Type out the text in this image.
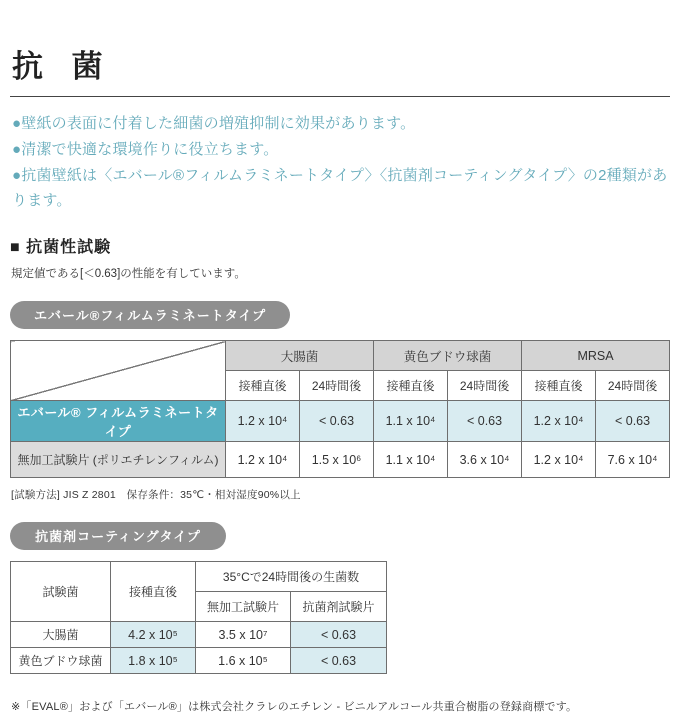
抗 菌
●壁紙の表面に付着した細菌の増殖抑制に効果があります。
●清潔で快適な環境作りに役立ちます。
●抗菌壁紙は〈エバール®フィルムラミネートタイプ〉〈抗菌剤コーティングタイプ〉の2種類があります。
■ 抗菌性試験

規定値である[＜0.63]の性能を有しています。

エバール®フィルムラミネートタイプ
	大腸菌		黄色ブドウ球菌		MRSA	
	接種直後	24時間後	接種直後	24時間後	接種直後	24時間後
エバール® フィルムラミネートタイプ	1.2 x 10⁴	< 0.63	1.1 x 10⁴	< 0.63	1.2 x 10⁴	< 0.63
無加工試験片 (ポリエチレンフィルム)	1.2 x 10⁴	1.5 x 10⁶	1.1 x 10⁴	3.6 x 10⁴	1.2 x 10⁴	7.6 x 10⁴

[試験方法] JIS Z 2801　保存条件：35℃・相対湿度90%以上

抗菌剤コーティングタイプ
試験菌	接種直後	35°Cで24時間後の生菌数	
		無加工試験片	抗菌剤試験片
大腸菌	4.2 x 10⁵	3.5 x 10⁷	< 0.63
黄色ブドウ球菌	1.8 x 10⁵	1.6 x 10⁵	< 0.63

※「EVAL®」および「エバール®」は株式会社クラレのエチレン - ビニルアルコール共重合樹脂の登録商標です。
